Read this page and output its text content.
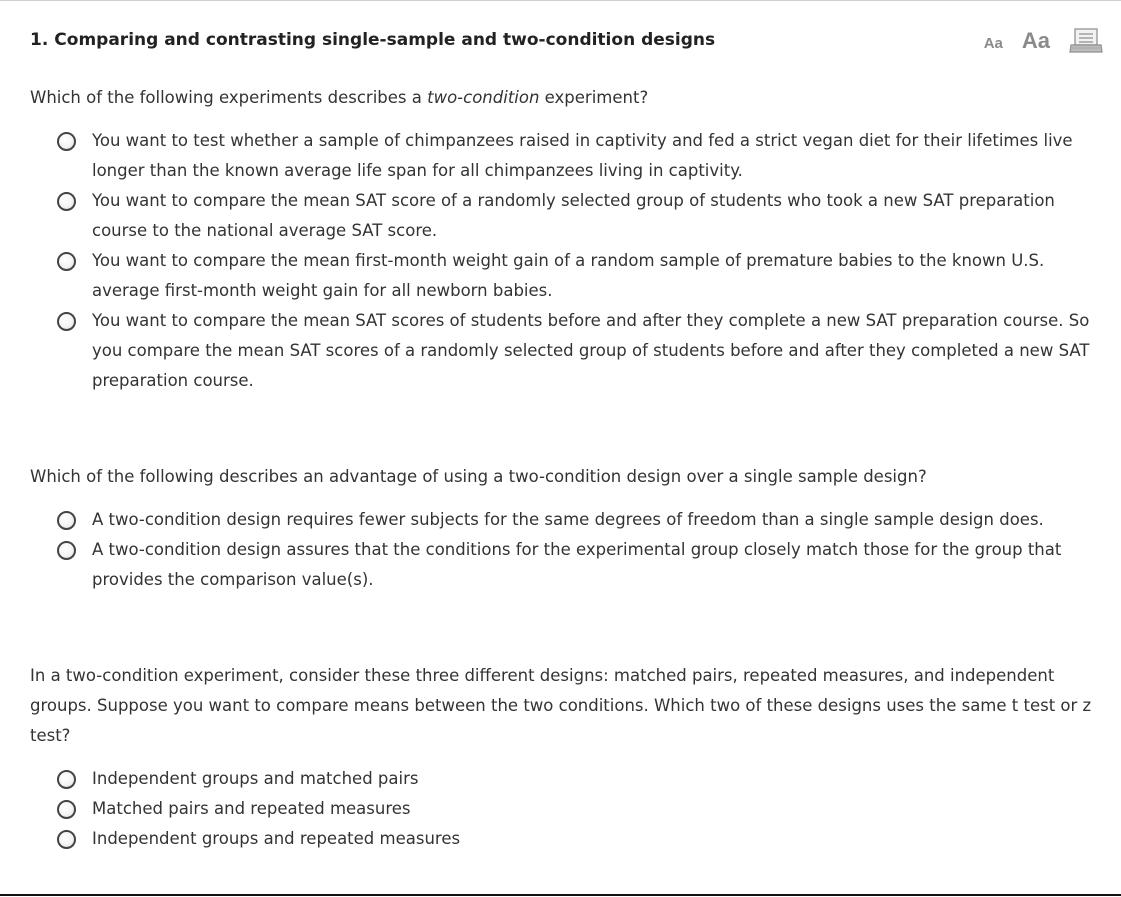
1. Comparing and contrasting single-sample and two-condition designs	Aa Aa

Which of the following experiments describes a two-condition experiment?

You want to test whether a sample of chimpanzees raised in captivity and fed a strict vegan diet for their lifetimes live longer than the known average life span for all chimpanzees living in captivity.
You want to compare the mean SAT score of a randomly selected group of students who took a new SAT preparation course to the national average SAT score.
You want to compare the mean first-month weight gain of a random sample of premature babies to the known U.S. average first-month weight gain for all newborn babies.
You want to compare the mean SAT scores of students before and after they complete a new SAT preparation course. So you compare the mean SAT scores of a randomly selected group of students before and after they completed a new SAT preparation course.

Which of the following describes an advantage of using a two-condition design over a single sample design?

A two-condition design requires fewer subjects for the same degrees of freedom than a single sample design does.
A two-condition design assures that the conditions for the experimental group closely match those for the group that provides the comparison value(s).

In a two-condition experiment, consider these three different designs: matched pairs, repeated measures, and independent groups. Suppose you want to compare means between the two conditions. Which two of these designs uses the same t test or z test?

Independent groups and matched pairs
Matched pairs and repeated measures
Independent groups and repeated measures
